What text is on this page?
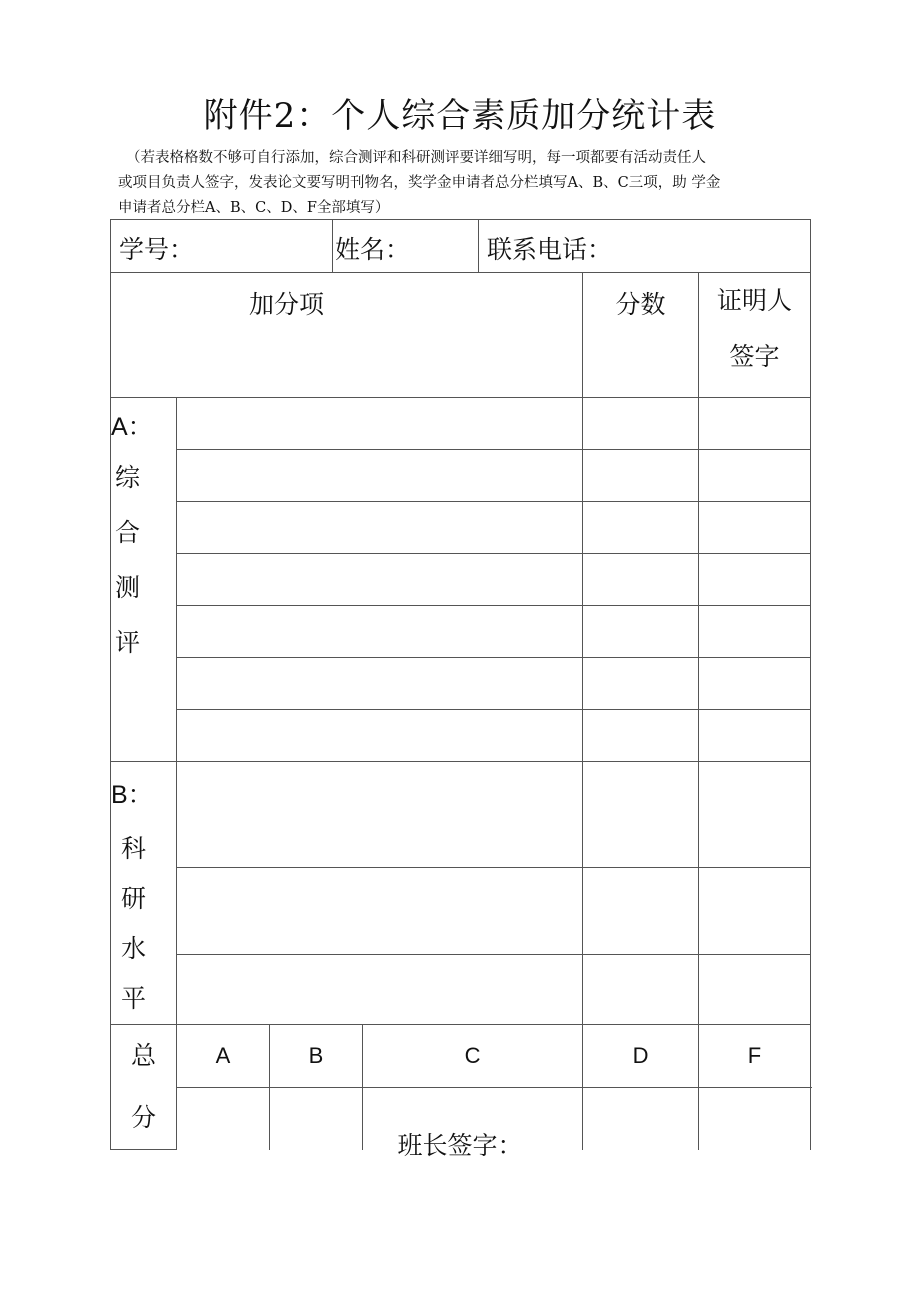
附件2：个人综合素质加分统计表
（若表格格数不够可自行添加，综合测评和科研测评要详细写明，每一项都要有活动责任人
或项目负责人签字，发表论文要写明刊物名，奖学金申请者总分栏填写A、B、C三项，助 学金
申请者总分栏A、B、C、D、F全部填写）
学号：			姓名：		联系电话：		

加分项						分数	证明人
签字

A：
综
合
测
评							

B：
科
研
水
平							

总
分	A	B		C		D	F

班长签字：
